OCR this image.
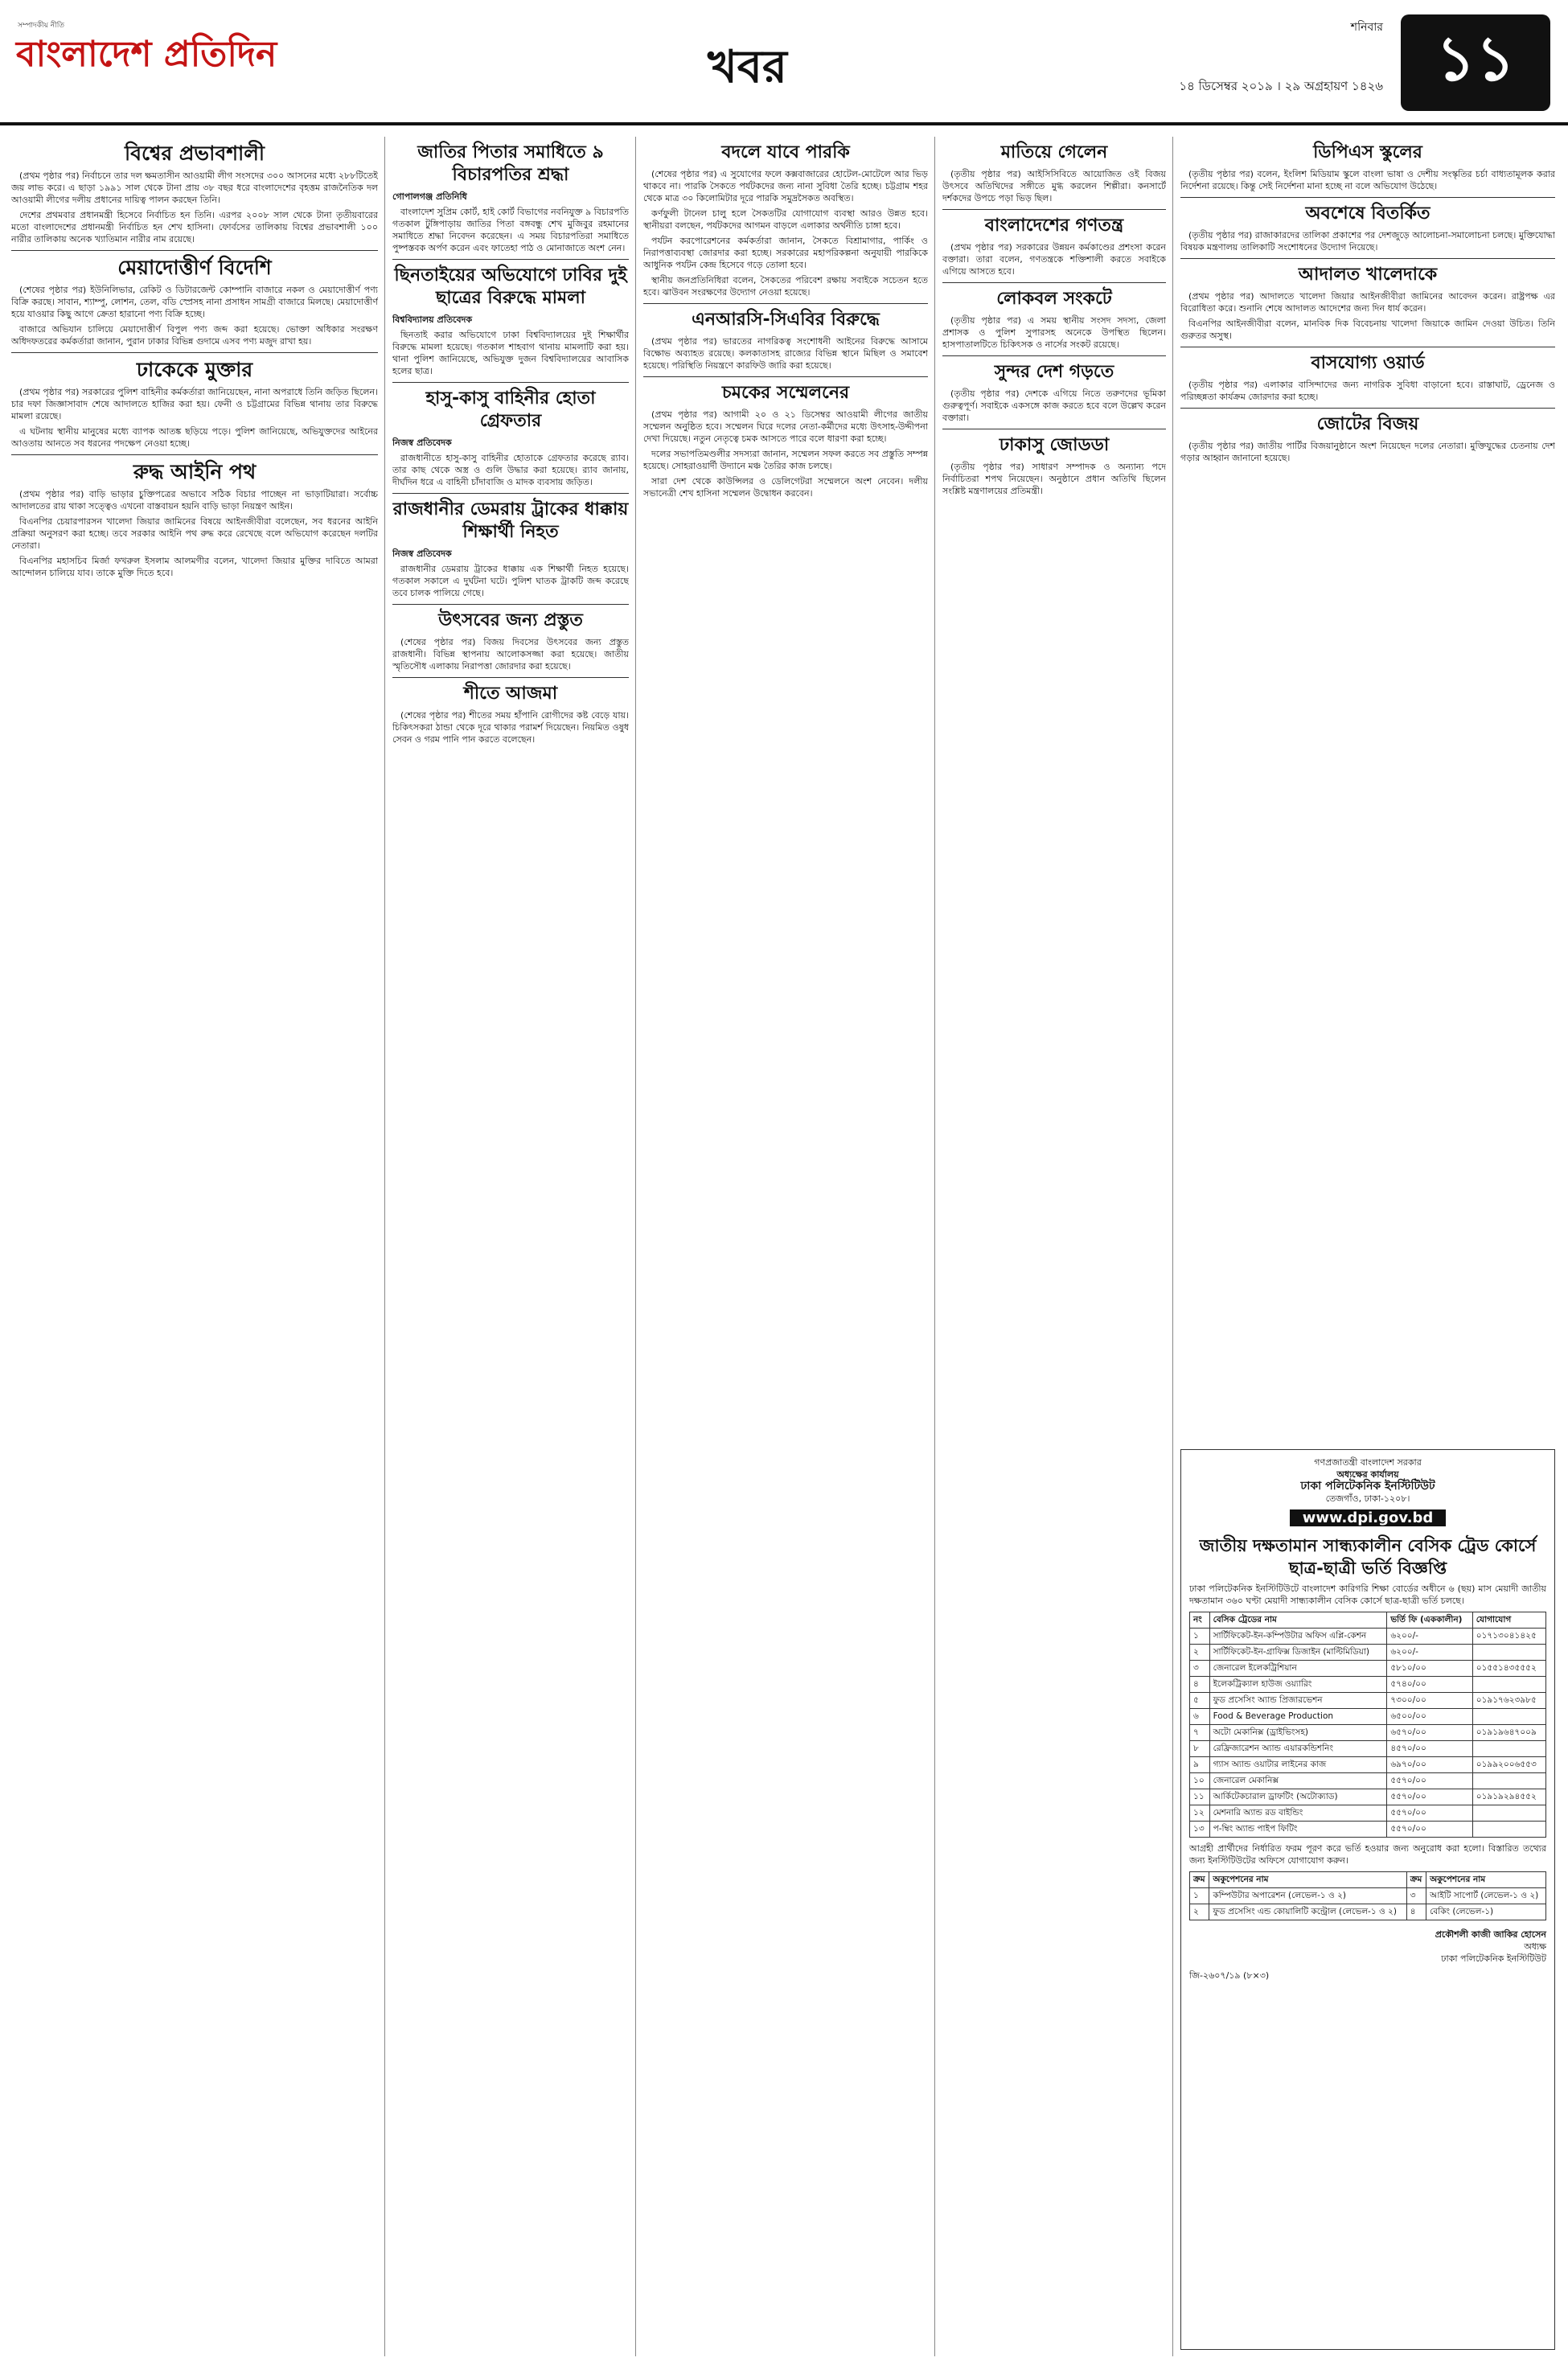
সম্পাদকীয় নীতি
বাংলাদেশ প্রতিদিন	খবর
শনিবার
১৪ ডিসেম্বর ২০১৯ । ২৯ অগ্রহায়ণ ১৪২৬ ১১
বিশ্বের প্রভাবশালী

(প্রথম পৃষ্ঠার পর) নির্বাচনে তার দল ক্ষমতাসীন আওয়ামী লীগ সংসদের ৩০০ আসনের মধ্যে ২৮৮টিতেই জয় লাভ করে। এ ছাড়া ১৯৯১ সাল থেকে টানা প্রায় ৩৮ বছর ধরে বাংলাদেশের বৃহত্তম রাজনৈতিক দল আওয়ামী লীগের দলীয় প্রধানের দায়িত্ব পালন করছেন তিনি।

দেশের প্রথমবার প্রধানমন্ত্রী হিসেবে নির্বাচিত হন তিনি। এরপর ২০০৮ সাল থেকে টানা তৃতীয়বারের মতো বাংলাদেশের প্রধানমন্ত্রী নির্বাচিত হন শেখ হাসিনা। ফোর্বসের তালিকায় বিশ্বের প্রভাবশালী ১০০ নারীর তালিকায় অনেক খ্যাতিমান নারীর নাম রয়েছে।

মেয়াদোত্তীর্ণ বিদেশি

(শেষের পৃষ্ঠার পর) ইউনিলিভার, রেকিট ও ডিটারজেন্ট কোম্পানি বাজারে নকল ও মেয়াদোত্তীর্ণ পণ্য বিক্রি করছে। সাবান, শ্যাম্পু, লোশন, তেল, বডি স্প্রেসহ নানা প্রসাধন সামগ্রী বাজারে মিলছে। মেয়াদোত্তীর্ণ হয়ে যাওয়ার কিছু আগে ক্রেতা হারানো পণ্য বিক্রি হচ্ছে।

বাজারে অভিযান চালিয়ে মেয়াদোত্তীর্ণ বিপুল পণ্য জব্দ করা হয়েছে। ভোক্তা অধিকার সংরক্ষণ অধিদফতরের কর্মকর্তারা জানান, পুরান ঢাকার বিভিন্ন গুদামে এসব পণ্য মজুদ রাখা হয়।

ঢাকেকে মুক্তার

(প্রথম পৃষ্ঠার পর) সরকারের পুলিশ বাহিনীর কর্মকর্তারা জানিয়েছেন, নানা অপরাধে তিনি জড়িত ছিলেন। চার দফা জিজ্ঞাসাবাদ শেষে আদালতে হাজির করা হয়। ফেনী ও চট্টগ্রামের বিভিন্ন থানায় তার বিরুদ্ধে মামলা রয়েছে।

এ ঘটনায় স্থানীয় মানুষের মধ্যে ব্যাপক আতঙ্ক ছড়িয়ে পড়ে। পুলিশ জানিয়েছে, অভিযুক্তদের আইনের আওতায় আনতে সব ধরনের পদক্ষেপ নেওয়া হচ্ছে।

রুদ্ধ আইনি পথ

(প্রথম পৃষ্ঠার পর) বাড়ি ভাড়ার চুক্তিপত্রের অভাবে সঠিক বিচার পাচ্ছেন না ভাড়াটিয়ারা। সর্বোচ্চ আদালতের রায় থাকা সত্ত্বেও এখনো বাস্তবায়ন হয়নি বাড়ি ভাড়া নিয়ন্ত্রণ আইন।

বিএনপির চেয়ারপারসন খালেদা জিয়ার জামিনের বিষয়ে আইনজীবীরা বলেছেন, সব ধরনের আইনি প্রক্রিয়া অনুসরণ করা হচ্ছে। তবে সরকার আইনি পথ রুদ্ধ করে রেখেছে বলে অভিযোগ করেছেন দলটির নেতারা।

বিএনপির মহাসচিব মির্জা ফখরুল ইসলাম আলমগীর বলেন, খালেদা জিয়ার মুক্তির দাবিতে আমরা আন্দোলন চালিয়ে যাব। তাকে মুক্তি দিতে হবে।

জাতির পিতার সমাধিতে ৯ বিচারপতির শ্রদ্ধা
গোপালগঞ্জ প্রতিনিধি

বাংলাদেশ সুপ্রিম কোর্ট, হাই কোর্ট বিভাগের নবনিযুক্ত ৯ বিচারপতি গতকাল টুঙ্গিপাড়ায় জাতির পিতা বঙ্গবন্ধু শেখ মুজিবুর রহমানের সমাধিতে শ্রদ্ধা নিবেদন করেছেন। এ সময় বিচারপতিরা সমাধিতে পুষ্পস্তবক অর্পণ করেন এবং ফাতেহা পাঠ ও মোনাজাতে অংশ নেন।

ছিনতাইয়ের অভিযোগে ঢাবির দুই ছাত্রের বিরুদ্ধে মামলা
বিশ্ববিদ্যালয় প্রতিবেদক

ছিনতাই করার অভিযোগে ঢাকা বিশ্ববিদ্যালয়ের দুই শিক্ষার্থীর বিরুদ্ধে মামলা হয়েছে। গতকাল শাহবাগ থানায় মামলাটি করা হয়। থানা পুলিশ জানিয়েছে, অভিযুক্ত দুজন বিশ্ববিদ্যালয়ের আবাসিক হলের ছাত্র।

হাসু-কাসু বাহিনীর হোতা গ্রেফতার
নিজস্ব প্রতিবেদক

রাজধানীতে হাসু-কাসু বাহিনীর হোতাকে গ্রেফতার করেছে র‌্যাব। তার কাছ থেকে অস্ত্র ও গুলি উদ্ধার করা হয়েছে। র‌্যাব জানায়, দীর্ঘদিন ধরে এ বাহিনী চাঁদাবাজি ও মাদক ব্যবসায় জড়িত।

রাজধানীর ডেমরায় ট্রাকের ধাক্কায় শিক্ষার্থী নিহত
নিজস্ব প্রতিবেদক

রাজধানীর ডেমরায় ট্রাকের ধাক্কায় এক শিক্ষার্থী নিহত হয়েছে। গতকাল সকালে এ দুর্ঘটনা ঘটে। পুলিশ ঘাতক ট্রাকটি জব্দ করেছে তবে চালক পালিয়ে গেছে।

উৎসবের জন্য প্রস্তুত

(শেষের পৃষ্ঠার পর) বিজয় দিবসের উৎসবের জন্য প্রস্তুত রাজধানী। বিভিন্ন স্থাপনায় আলোকসজ্জা করা হয়েছে। জাতীয় স্মৃতিসৌধ এলাকায় নিরাপত্তা জোরদার করা হয়েছে।

শীতে আজমা

(শেষের পৃষ্ঠার পর) শীতের সময় হাঁপানি রোগীদের কষ্ট বেড়ে যায়। চিকিৎসকরা ঠান্ডা থেকে দূরে থাকার পরামর্শ দিয়েছেন। নিয়মিত ওষুধ সেবন ও গরম পানি পান করতে বলেছেন।

বদলে যাবে পারকি

(শেষের পৃষ্ঠার পর) এ সুযোগের ফলে কক্সবাজারের হোটেল-মোটেলে আর ভিড় থাকবে না। পারকি সৈকতে পর্যটকদের জন্য নানা সুবিধা তৈরি হচ্ছে। চট্টগ্রাম শহর থেকে মাত্র ৩০ কিলোমিটার দূরে পারকি সমুদ্রসৈকত অবস্থিত।

কর্ণফুলী টানেল চালু হলে সৈকতটির যোগাযোগ ব্যবস্থা আরও উন্নত হবে। স্থানীয়রা বলছেন, পর্যটকদের আগমন বাড়লে এলাকার অর্থনীতি চাঙ্গা হবে।

পর্যটন করপোরেশনের কর্মকর্তারা জানান, সৈকতে বিশ্রামাগার, পার্কিং ও নিরাপত্তাব্যবস্থা জোরদার করা হচ্ছে। সরকারের মহাপরিকল্পনা অনুযায়ী পারকিকে আধুনিক পর্যটন কেন্দ্র হিসেবে গড়ে তোলা হবে।

স্থানীয় জনপ্রতিনিধিরা বলেন, সৈকতের পরিবেশ রক্ষায় সবাইকে সচেতন হতে হবে। ঝাউবন সংরক্ষণের উদ্যোগ নেওয়া হয়েছে।

এনআরসি-সিএবির বিরুদ্ধে

(প্রথম পৃষ্ঠার পর) ভারতের নাগরিকত্ব সংশোধনী আইনের বিরুদ্ধে আসামে বিক্ষোভ অব্যাহত রয়েছে। কলকাতাসহ রাজ্যের বিভিন্ন স্থানে মিছিল ও সমাবেশ হয়েছে। পরিস্থিতি নিয়ন্ত্রণে কারফিউ জারি করা হয়েছে।

চমকের সম্মেলনের

(প্রথম পৃষ্ঠার পর) আগামী ২০ ও ২১ ডিসেম্বর আওয়ামী লীগের জাতীয় সম্মেলন অনুষ্ঠিত হবে। সম্মেলন ঘিরে দলের নেতা-কর্মীদের মধ্যে উৎসাহ-উদ্দীপনা দেখা দিয়েছে। নতুন নেতৃত্বে চমক আসতে পারে বলে ধারণা করা হচ্ছে।

দলের সভাপতিমণ্ডলীর সদস্যরা জানান, সম্মেলন সফল করতে সব প্রস্তুতি সম্পন্ন হয়েছে। সোহরাওয়ার্দী উদ্যানে মঞ্চ তৈরির কাজ চলছে।

সারা দেশ থেকে কাউন্সিলর ও ডেলিগেটরা সম্মেলনে অংশ নেবেন। দলীয় সভানেত্রী শেখ হাসিনা সম্মেলন উদ্বোধন করবেন।

মাতিয়ে গেলেন

(তৃতীয় পৃষ্ঠার পর) আইসিসিবিতে আয়োজিত ওই বিজয় উৎসবে অতিথিদের সঙ্গীতে মুগ্ধ করলেন শিল্পীরা। কনসার্টে দর্শকদের উপচে পড়া ভিড় ছিল।

বাংলাদেশের গণতন্ত্র

(প্রথম পৃষ্ঠার পর) সরকারের উন্নয়ন কর্মকাণ্ডের প্রশংসা করেন বক্তারা। তারা বলেন, গণতন্ত্রকে শক্তিশালী করতে সবাইকে এগিয়ে আসতে হবে।

লোকবল সংকটে

(তৃতীয় পৃষ্ঠার পর) এ সময় স্থানীয় সংসদ সদস্য, জেলা প্রশাসক ও পুলিশ সুপারসহ অনেকে উপস্থিত ছিলেন। হাসপাতালটিতে চিকিৎসক ও নার্সের সংকট রয়েছে।

সুন্দর দেশ গড়তে

(তৃতীয় পৃষ্ঠার পর) দেশকে এগিয়ে নিতে তরুণদের ভূমিকা গুরুত্বপূর্ণ। সবাইকে একসঙ্গে কাজ করতে হবে বলে উল্লেখ করেন বক্তারা।

ঢাকাসু জোডডা

(তৃতীয় পৃষ্ঠার পর) সাধারণ সম্পাদক ও অন্যান্য পদে নির্বাচিতরা শপথ নিয়েছেন। অনুষ্ঠানে প্রধান অতিথি ছিলেন সংশ্লিষ্ট মন্ত্রণালয়ের প্রতিমন্ত্রী।

ডিপিএস স্কুলের

(তৃতীয় পৃষ্ঠার পর) বলেন, ইংলিশ মিডিয়াম স্কুলে বাংলা ভাষা ও দেশীয় সংস্কৃতির চর্চা বাধ্যতামূলক করার নির্দেশনা রয়েছে। কিন্তু সেই নির্দেশনা মানা হচ্ছে না বলে অভিযোগ উঠেছে।

অবশেষে বিতর্কিত

(তৃতীয় পৃষ্ঠার পর) রাজাকারদের তালিকা প্রকাশের পর দেশজুড়ে আলোচনা-সমালোচনা চলছে। মুক্তিযোদ্ধা বিষয়ক মন্ত্রণালয় তালিকাটি সংশোধনের উদ্যোগ নিয়েছে।

আদালত খালেদাকে

(প্রথম পৃষ্ঠার পর) আদালতে খালেদা জিয়ার আইনজীবীরা জামিনের আবেদন করেন। রাষ্ট্রপক্ষ এর বিরোধিতা করে। শুনানি শেষে আদালত আদেশের জন্য দিন ধার্য করেন।

বিএনপির আইনজীবীরা বলেন, মানবিক দিক বিবেচনায় খালেদা জিয়াকে জামিন দেওয়া উচিত। তিনি গুরুতর অসুস্থ।

বাসযোগ্য ওয়ার্ড

(তৃতীয় পৃষ্ঠার পর) এলাকার বাসিন্দাদের জন্য নাগরিক সুবিধা বাড়ানো হবে। রাস্তাঘাট, ড্রেনেজ ও পরিচ্ছন্নতা কার্যক্রম জোরদার করা হচ্ছে।

জোটের বিজয়

(তৃতীয় পৃষ্ঠার পর) জাতীয় পার্টির বিজয়ানুষ্ঠানে অংশ নিয়েছেন দলের নেতারা। মুক্তিযুদ্ধের চেতনায় দেশ গড়ার আহ্বান জানানো হয়েছে।

গণপ্রজাতন্ত্রী বাংলাদেশ সরকার
অধ্যক্ষের কার্যালয়
ঢাকা পলিটেকনিক ইনস্টিটিউট
তেজগাঁও, ঢাকা-১২০৮।
www.dpi.gov.bd
জাতীয় দক্ষতামান সান্ধ্যকালীন বেসিক ট্রেড কোর্সে ছাত্র-ছাত্রী ভর্তি বিজ্ঞপ্তি

ঢাকা পলিটেকনিক ইনস্টিটিউটে বাংলাদেশ কারিগরি শিক্ষা বোর্ডের অধীনে ৬ (ছয়) মাস মেয়াদী জাতীয় দক্ষতামান ৩৬০ ঘণ্টা মেয়াদী সান্ধ্যকালীন বেসিক কোর্সে ছাত্র-ছাত্রী ভর্তি চলছে।

নং	বেসিক ট্রেডের নাম	ভর্তি ফি (এককালীন)	যোগাযোগ
১	সার্টিফিকেট-ইন-কম্পিউটার অফিস এপ্লি-কেশন	৬২০০/-	০১৭১৩০৪১৪২৫
২	সার্টিফিকেট-ইন-গ্রাফিক্স ডিজাইন (মাল্টিমিডিয়া)	৬২০০/-	
৩	জেনারেল ইলেকট্রিশিয়ান	৫৮১০/০০	০১৫৫১৪৩৫৫৫২
৪	ইলেকট্রিক্যাল হাউজ ওয়্যারিং	৫৭৪০/০০	
৫	ফুড প্রসেসিং অ্যান্ড প্রিজারভেশন	৭৩০০/০০	০১৯১৭৬২৩৯৮৫
৬	Food & Beverage Production	৬৫০০/০০	
৭	অটো মেকানিক্স (ড্রাইভিংসহ)	৬৫৭০/০০	০১৯১৯৬৪৭০০৯
৮	রেফ্রিজারেশন অ্যান্ড এয়ারকন্ডিশনিং	৪৫৭০/০০	
৯	গ্যাস অ্যান্ড ওয়াটার লাইনের কাজ	৬৯৭০/০০	০১৯৯২০০৬৫৫৩
১০	জেনারেল মেকানিক্স	৫৫৭০/০০	
১১	আর্কিটেকচারাল ড্রাফটিং (অটোক্যাড)	৫৫৭০/০০	০১৯১৯২৯৪৫৫২
১২	মেশনারি অ্যান্ড রড বাইন্ডিং	৫৫৭০/০০	
১৩	প-ম্বিং অ্যান্ড পাইপ ফিটিং	৫৫৭০/০০	

আগ্রহী প্রার্থীদের নির্ধারিত ফরম পূরণ করে ভর্তি হওয়ার জন্য অনুরোধ করা হলো। বিস্তারিত তথ্যের জন্য ইনস্টিটিউটের অফিসে যোগাযোগ করুন।

ক্রম	অকুপেশনের নাম	ক্রম	অকুপেশনের নাম
১	কম্পিউটার অপারেশন (লেভেল-১ ও ২)	৩	আইটি সাপোর্ট (লেভেল-১ ও ২)
২	ফুড প্রসেসিং এন্ড কোয়ালিটি কন্ট্রোল (লেভেল-১ ও ২)	৪	বেকিং (লেভেল-১)
প্রকৌশলী কাজী জাকির হোসেন
অধ্যক্ষ
ঢাকা পলিটেকনিক ইনস্টিটিউট
জি-২৬০৭/১৯ (৮×৩)
